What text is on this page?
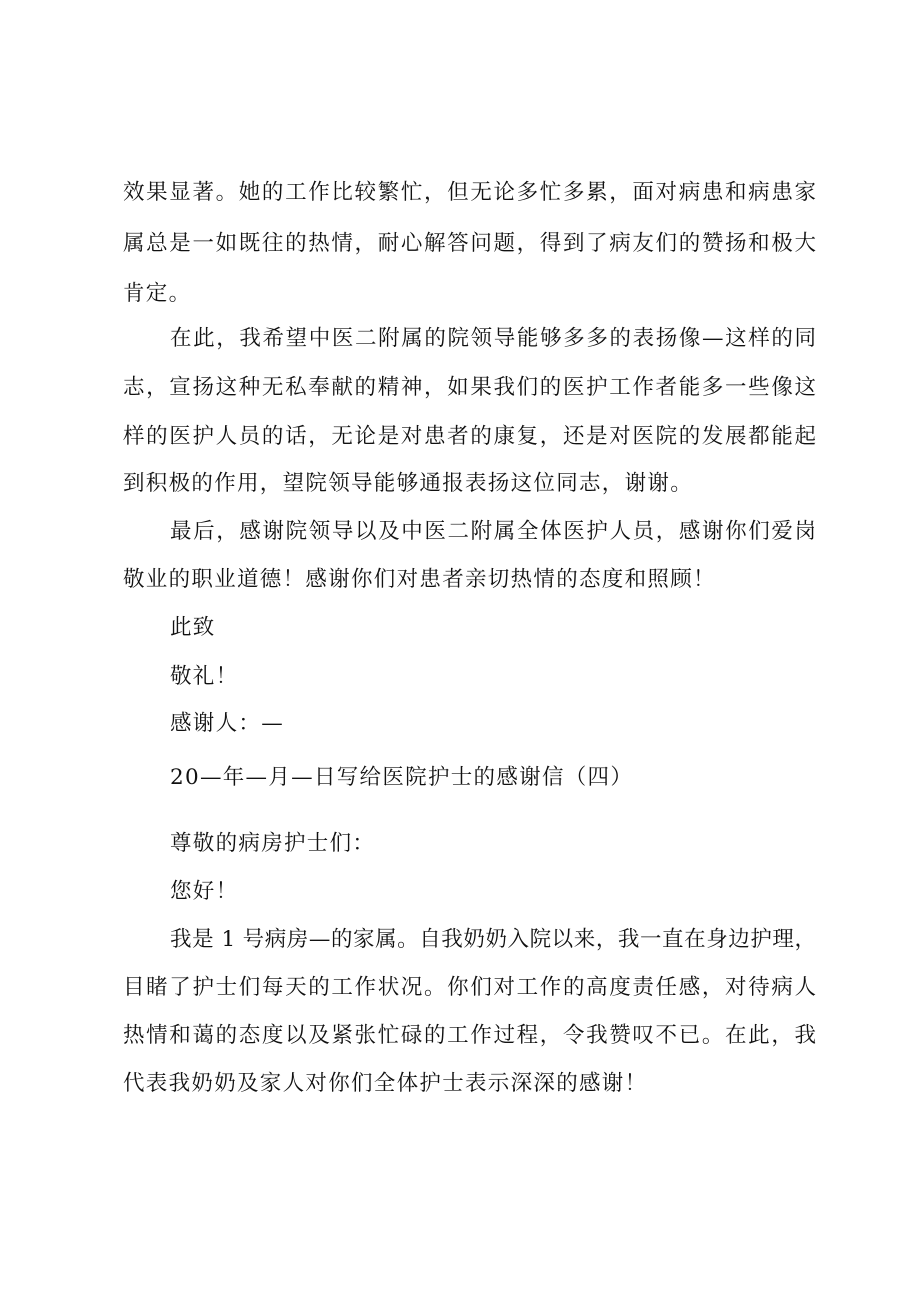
效果显著。她的工作比较繁忙，但无论多忙多累，面对病患和病患家

属总是一如既往的热情，耐心解答问题，得到了病友们的赞扬和极大

肯定。

在此，我希望中医二附属的院领导能够多多的表扬像—这样的同

志，宣扬这种无私奉献的精神，如果我们的医护工作者能多一些像这

样的医护人员的话，无论是对患者的康复，还是对医院的发展都能起

到积极的作用，望院领导能够通报表扬这位同志，谢谢。

最后，感谢院领导以及中医二附属全体医护人员，感谢你们爱岗

敬业的职业道德！感谢你们对患者亲切热情的态度和照顾！

此致

敬礼！

感谢人：—

20—年—月—日写给医院护士的感谢信（四）

尊敬的病房护士们：

您好！

我是 1 号病房—的家属。自我奶奶入院以来，我一直在身边护理，

目睹了护士们每天的工作状况。你们对工作的高度责任感，对待病人

热情和蔼的态度以及紧张忙碌的工作过程，令我赞叹不已。在此，我

代表我奶奶及家人对你们全体护士表示深深的感谢！
